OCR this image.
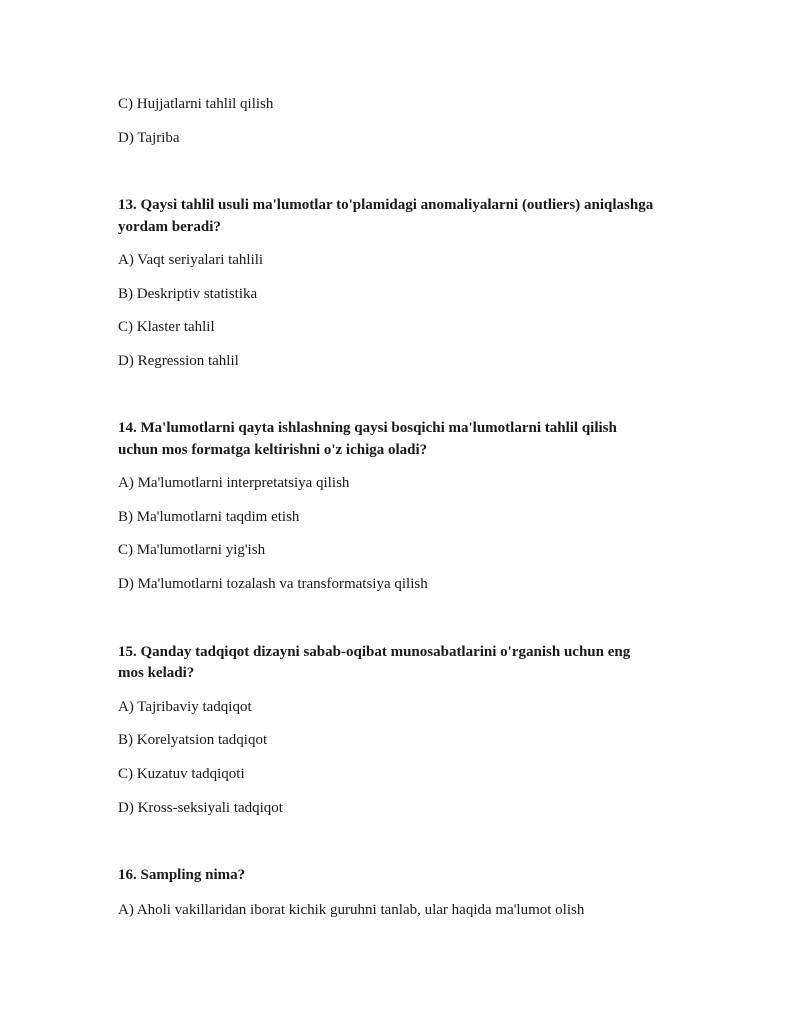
C) Hujjatlarni tahlil qilish
D) Tajriba
13. Qaysi tahlil usuli ma'lumotlar to'plamidagi anomaliyalarni (outliers) aniqlashga
yordam beradi?
A) Vaqt seriyalari tahlili
B) Deskriptiv statistika
C) Klaster tahlil
D) Regression tahlil
14. Ma'lumotlarni qayta ishlashning qaysi bosqichi ma'lumotlarni tahlil qilish
uchun mos formatga keltirishni o'z ichiga oladi?
A) Ma'lumotlarni interpretatsiya qilish
B) Ma'lumotlarni taqdim etish
C) Ma'lumotlarni yig'ish
D) Ma'lumotlarni tozalash va transformatsiya qilish
15. Qanday tadqiqot dizayni sabab-oqibat munosabatlarini o'rganish uchun eng
mos keladi?
A) Tajribaviy tadqiqot
B) Korelyatsion tadqiqot
C) Kuzatuv tadqiqoti
D) Kross-seksiyali tadqiqot
16. Sampling nima?
A) Aholi vakillaridan iborat kichik guruhni tanlab, ular haqida ma'lumot olish
